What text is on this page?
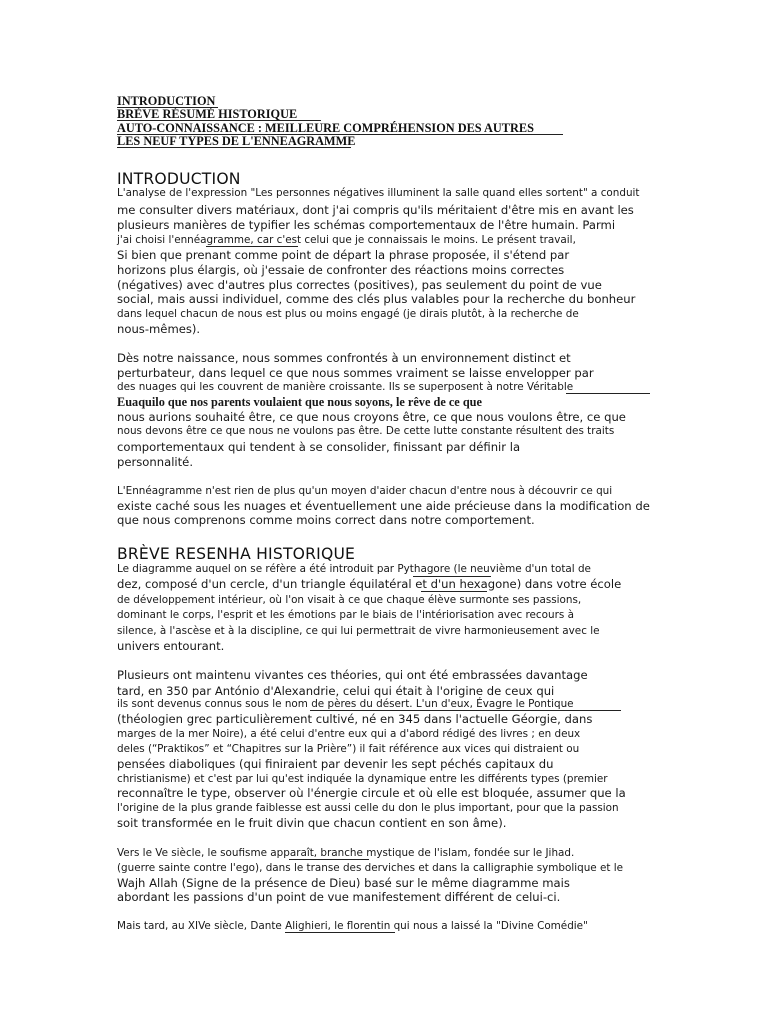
INTRODUCTION
BRÈVE RÉSUMÉ HISTORIQUE
AUTO-CONNAISSANCE : MEILLEURE COMPRÉHENSION DES AUTRES
LES NEUF TYPES DE L'ENNEAGRAMME
INTRODUCTION
L'analyse de l'expression "Les personnes négatives illuminent la salle quand elles sortent" a conduit
me consulter divers matériaux, dont j'ai compris qu'ils méritaient d'être mis en avant les
plusieurs manières de typifier les schémas comportementaux de l'être humain. Parmi
j'ai choisi l'ennéagramme, car c'est celui que je connaissais le moins. Le présent travail,
Si bien que prenant comme point de départ la phrase proposée, il s'étend par
horizons plus élargis, où j'essaie de confronter des réactions moins correctes
(négatives) avec d'autres plus correctes (positives), pas seulement du point de vue
social, mais aussi individuel, comme des clés plus valables pour la recherche du bonheur
dans lequel chacun de nous est plus ou moins engagé (je dirais plutôt, à la recherche de
nous-mêmes).
Dès notre naissance, nous sommes confrontés à un environnement distinct et
perturbateur, dans lequel ce que nous sommes vraiment se laisse envelopper par
des nuages qui les couvrent de manière croissante. Ils se superposent à notre Véritable
Euaquilo que nos parents voulaient que nous soyons, le rêve de ce que
nous aurions souhaité être, ce que nous croyons être, ce que nous voulons être, ce que
nous devons être ce que nous ne voulons pas être. De cette lutte constante résultent des traits
comportementaux qui tendent à se consolider, finissant par définir la
personnalité.
L'Ennéagramme n'est rien de plus qu'un moyen d'aider chacun d'entre nous à découvrir ce qui
existe caché sous les nuages et éventuellement une aide précieuse dans la modification de
que nous comprenons comme moins correct dans notre comportement.
BRÈVE RESENHA HISTORIQUE
Le diagramme auquel on se réfère a été introduit par Pythagore (le neuvième d'un total de
dez, composé d'un cercle, d'un triangle équilatéral et d'un hexagone) dans votre école
de développement intérieur, où l'on visait à ce que chaque élève surmonte ses passions,
dominant le corps, l'esprit et les émotions par le biais de l'intériorisation avec recours à
silence, à l'ascèse et à la discipline, ce qui lui permettrait de vivre harmonieusement avec le
univers entourant.
Plusieurs ont maintenu vivantes ces théories, qui ont été embrassées davantage
tard, en 350 par António d'Alexandrie, celui qui était à l'origine de ceux qui
ils sont devenus connus sous le nom de pères du désert. L'un d'eux, Évagre le Pontique
(théologien grec particulièrement cultivé, né en 345 dans l'actuelle Géorgie, dans
marges de la mer Noire), a été celui d'entre eux qui a d'abord rédigé des livres ; en deux
deles (“Praktikos” et “Chapitres sur la Prière”) il fait référence aux vices qui distraient ou
pensées diaboliques (qui finiraient par devenir les sept péchés capitaux du
christianisme) et c'est par lui qu'est indiquée la dynamique entre les différents types (premier
reconnaître le type, observer où l'énergie circule et où elle est bloquée, assumer que la
l'origine de la plus grande faiblesse est aussi celle du don le plus important, pour que la passion
soit transformée en le fruit divin que chacun contient en son âme).
Vers le Ve siècle, le soufisme apparaît, branche mystique de l'islam, fondée sur le Jihad.
(guerre sainte contre l'ego), dans le transe des derviches et dans la calligraphie symbolique et le
Wajh Allah (Signe de la présence de Dieu) basé sur le même diagramme mais
abordant les passions d'un point de vue manifestement différent de celui-ci.
Mais tard, au XIVe siècle, Dante Alighieri, le florentin qui nous a laissé la "Divine Comédie"
